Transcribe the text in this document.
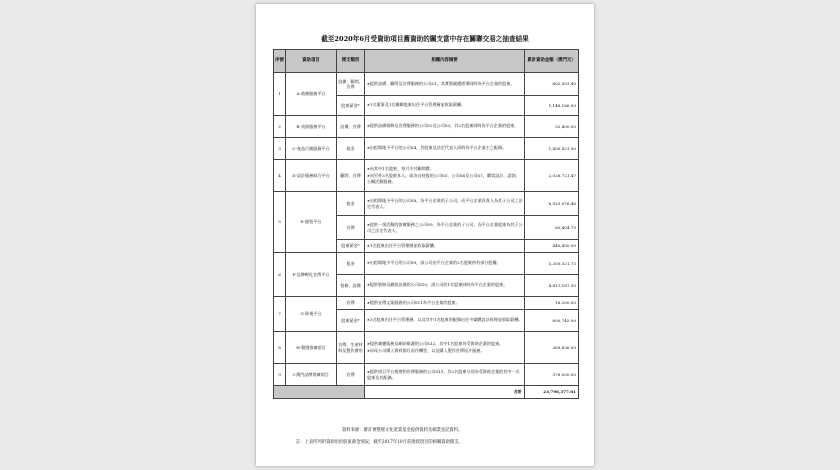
截至2020年6月受資助項目舊資助的關支當中存在關聯交易之抽查結果
序號	資助項目	開支類別	相關內容摘要	累計資助金額（澳門元）
1	A-商務服務平台	設備、顧問、宣傳	➤ 提供設備、顧問及宣傳服務的公司S1，其實際副總經理同時為平台企業的股東。	602,003.40
		股東薪金*	➤ 1名董事及1名關聯股東出任平台管理層並收取薪酬。	1,148,186.00
2	B-表演服務平台	設備、宣傳	➤ 提供設備維修及宣傳服務的公司S2及公司S3，其2名股東同時為平台企業的股東。	32,400.00
3	C-產品行銷服務平台	租金	➤ 出租場地予平台的公司S4，其股東及法定代表人同時為平台企業主之配偶。	1,450,821.90
4	D-設計服務綜合平台	顧問、宣傳	➤ 向其中1名股東，每月支付顧問費。
➤ 向另外3名股東本人，或各自持股的公司S5、公司S6及公司S7，購買設計、諮詢、公關活動服務。	2,026,721.47
5	E-服裝平台	租金	➤ 出租場地予平台的公司S8，為平台企業的子公司，而平台企業負責人為其子公司之法定代表人。	6,929,076.46
		宣傳	➤ 提供一項活動的推廣服務之公司S9，為平台企業的子公司，而平台企業股東為其子公司之法定代表人。	60,404.75
		股東薪金*	➤ 1名股東出任平台管理層並收取薪酬。	440,450.00
6	F-品牌孵化宣傳平台	租金	➤ 出租場地予平台的公司S9，該公司由平台企業的2名股東持有部分股權。	5,350,321.73
		裝修、設備	➤ 提供裝修及網絡設備的公司S10，該公司的1名股東同時為平台企業的股東。	4,411,187.30
7	G-影視平台	宣傳	➤ 提供宣傳文案服務的公司S11為平台企業的股東。	16,200.00
		股東薪金*	➤ 3名股東出任平台管理層，以及其中1名股東的配偶出任多媒體設計經理並收取薪酬。	600,745.00
8	H-動漫推廣項目	宣傳、生產材料及製作費用	➤ 提供廣播服務及網站維護的公司S12，其中1名股東為受資助企業的股東。
➤ 向母公司購入資料節目再作轉售，以及購入製作宣傳短片服務。	369,836.00
9	I-澳門品牌推廣項目	宣傳	➤ 提供項目平台搭建和宣傳服務的公司S13，其2名股東分別為受資助企業的其中一名股東及其配偶。	378,000.00
			合計	23,796,377.81
資料來源：審計署整理文化產業基金提供資料及網業登記資料。
註：上表所列的資助用於股東薪金情況，截至2017年10月前批授項目的相關資助開支。
